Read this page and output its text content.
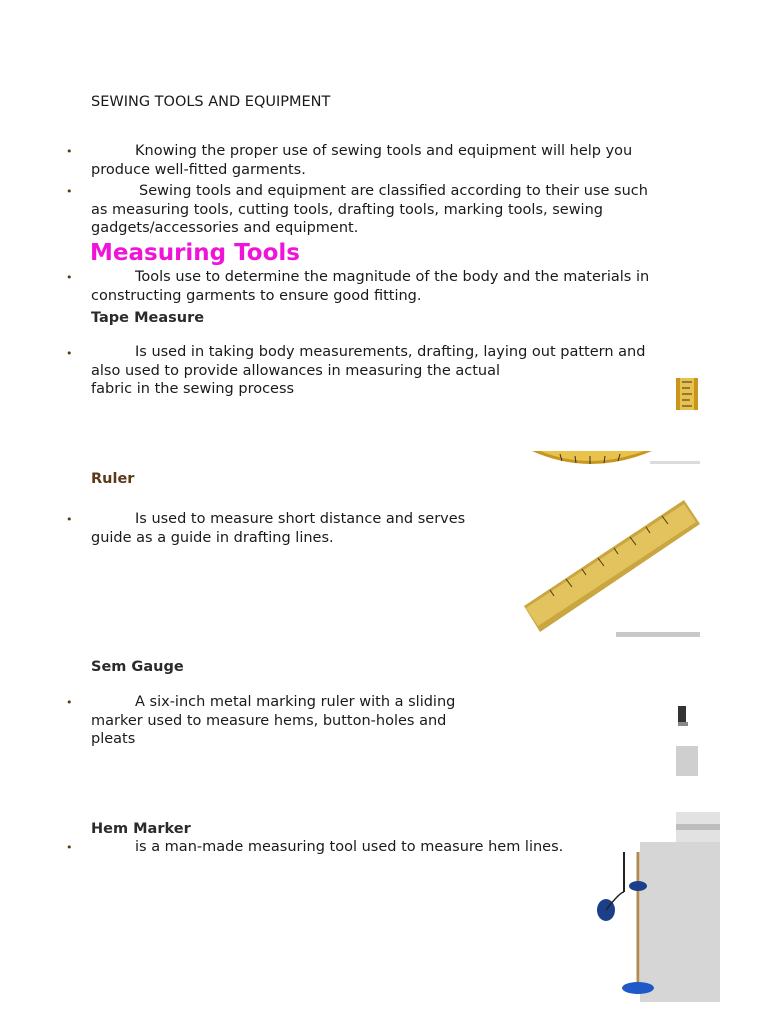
SEWING TOOLS AND EQUIPMENT
•	Knowing the proper use of sewing tools and equipment will help you
produce well-fitted garments.
•	Sewing tools and equipment are classified according to their use such
as measuring tools, cutting tools, drafting tools, marking tools, sewing
gadgets/accessories and equipment.
Measuring Tools
•	Tools use to determine the magnitude of the body and the materials in
constructing garments to ensure good fitting.
Tape Measure
•	Is used in taking body measurements, drafting, laying out pattern and
also used to provide allowances in measuring the actual
fabric in the sewing process
Ruler
•	Is used to measure short distance and serves
guide as a guide in drafting lines.
Sem Gauge
•	A six-inch metal marking ruler with a sliding
marker used to measure hems, button-holes and
pleats
Hem Marker
•	is a man-made measuring tool used to measure hem lines.
